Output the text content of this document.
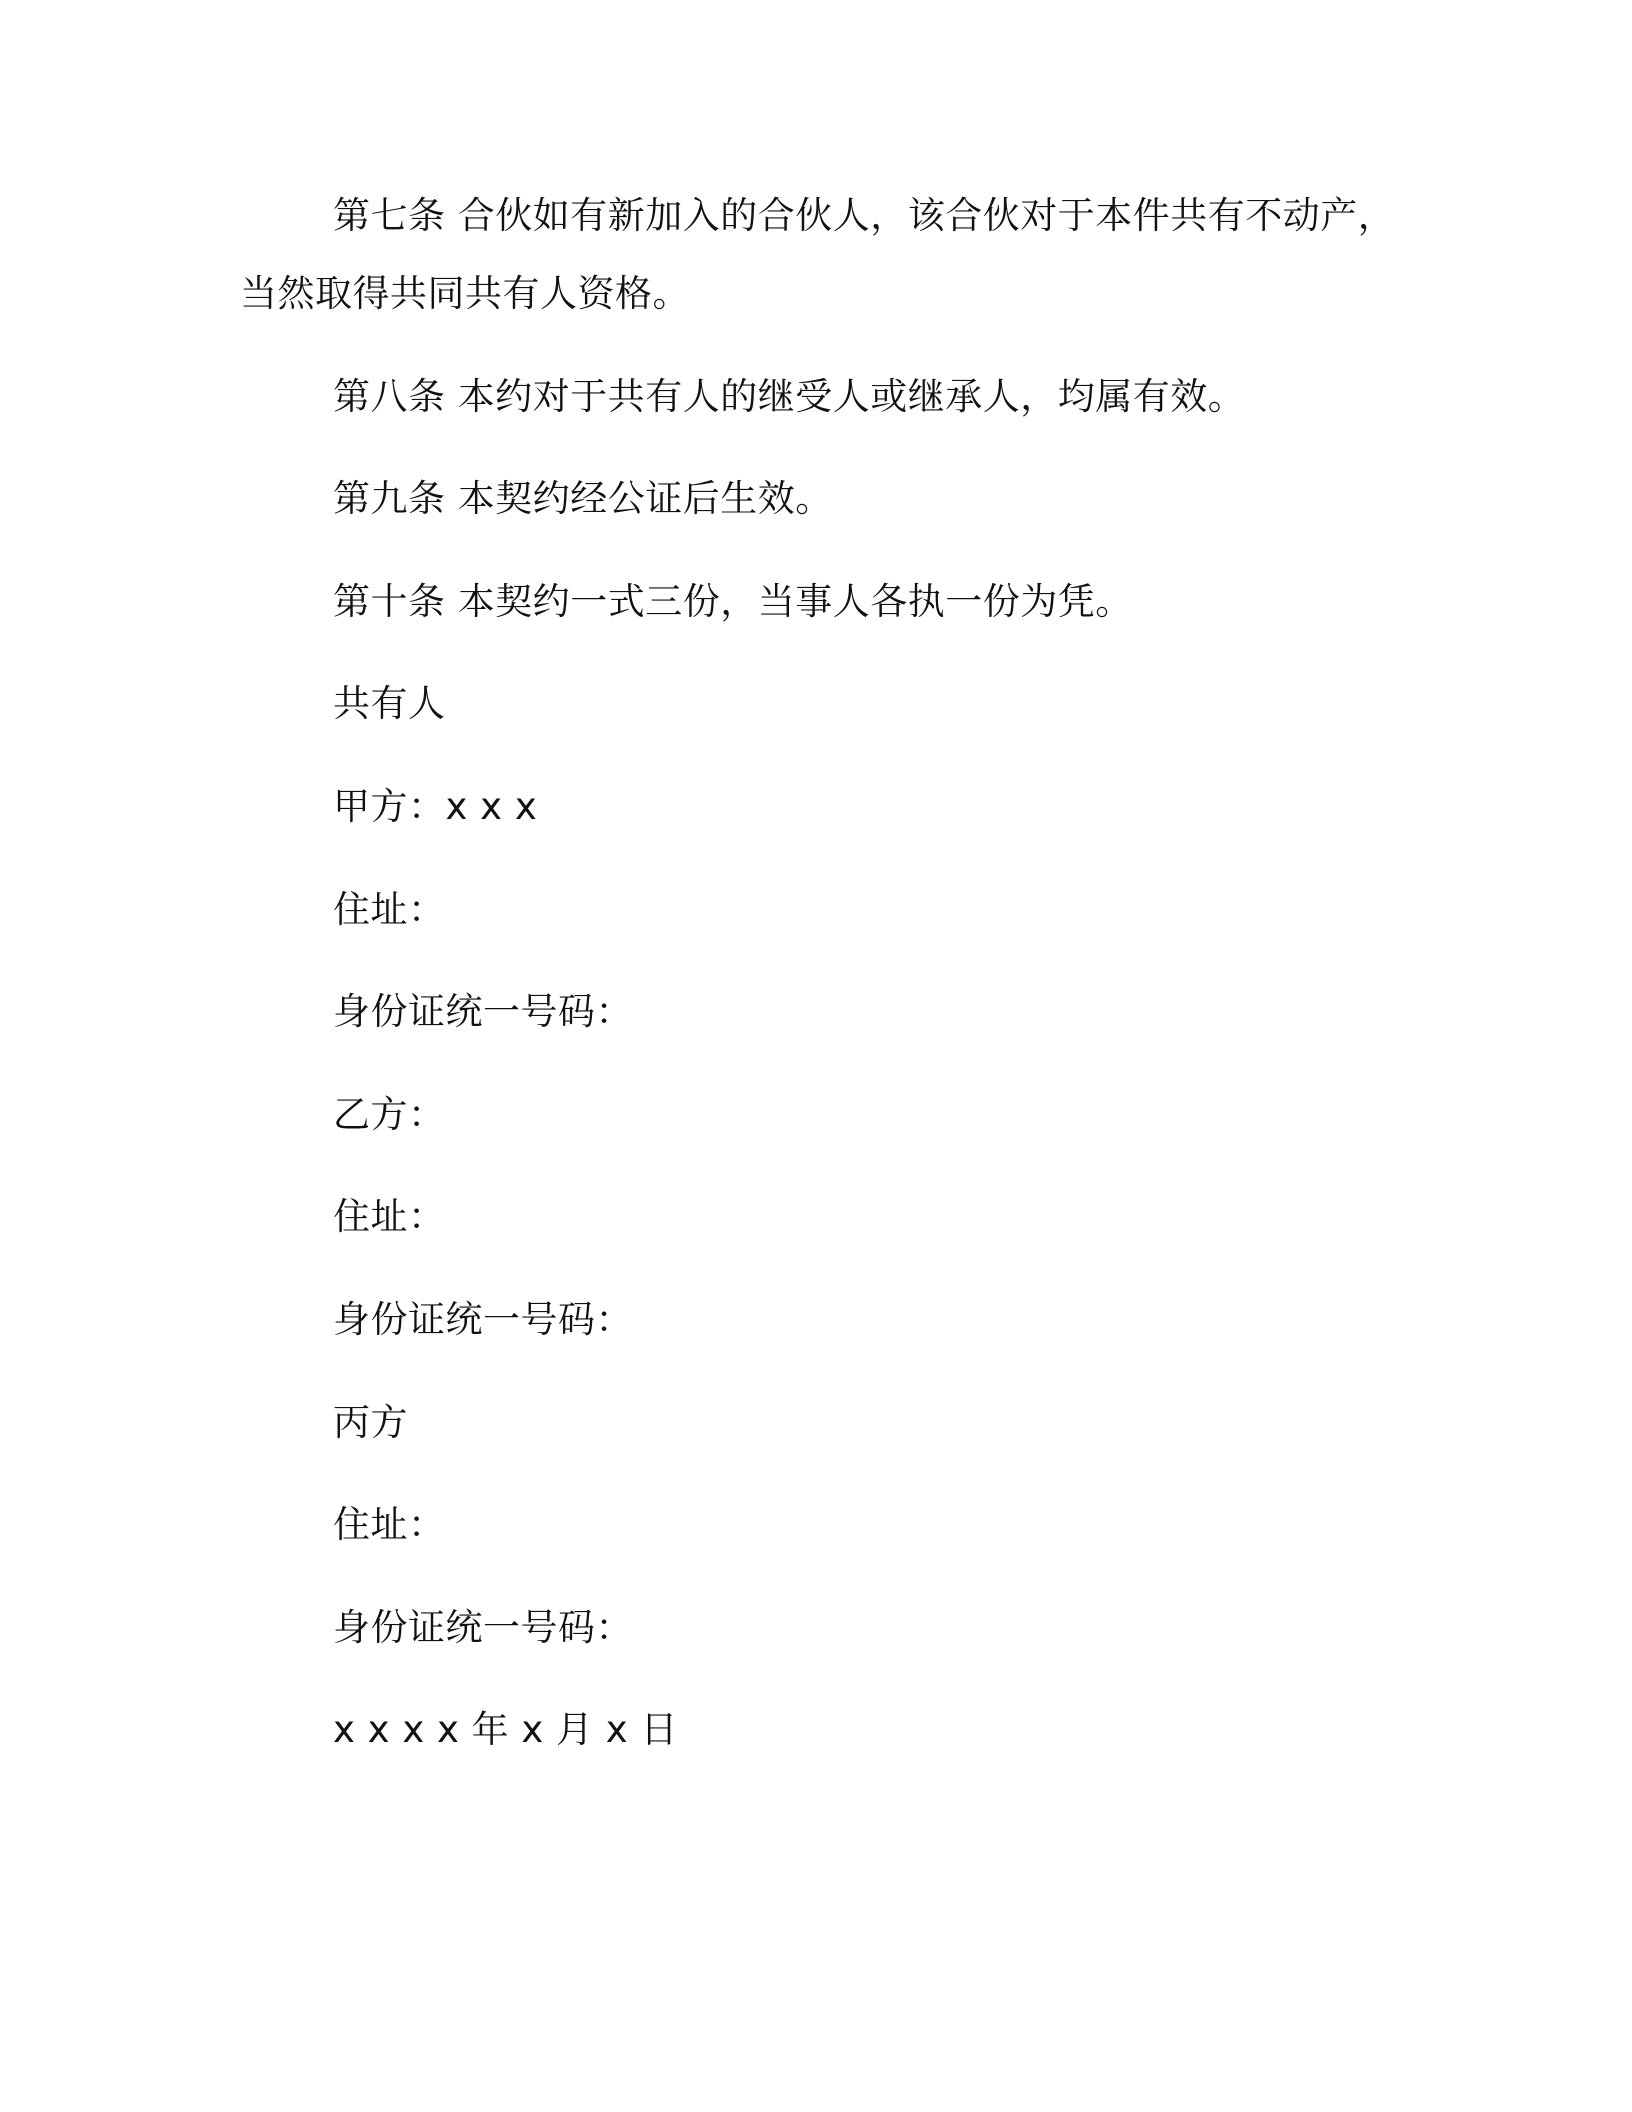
第七条 合伙如有新加入的合伙人，该合伙对于本件共有不动产，
当然取得共同共有人资格。
第八条 本约对于共有人的继受人或继承人，均属有效。
第九条 本契约经公证后生效。
第十条 本契约一式三份，当事人各执一份为凭。
共有人
甲方：x x x
住址：
身份证统一号码：
乙方：
住址：
身份证统一号码：
丙方
住址：
身份证统一号码：
x x x x 年 x 月 x 日
